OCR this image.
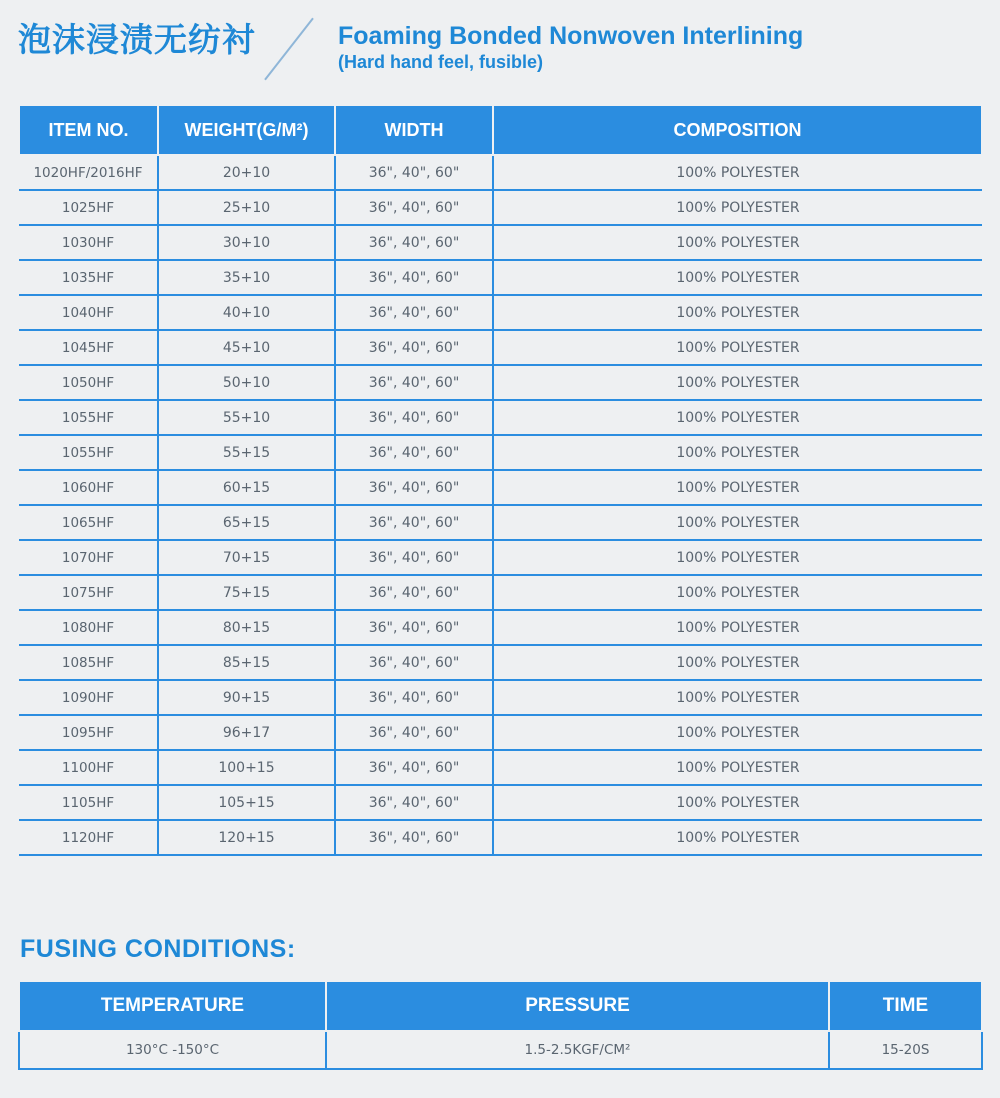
泡沫浸渍无纺衬	Foaming Bonded Nonwoven Interlining
(Hard hand feel, fusible)
ITEM NO.	WEIGHT(G/M²)	WIDTH	COMPOSITION
1020HF/2016HF	20+10	36", 40", 60"	100% POLYESTER
1025HF	25+10	36", 40", 60"	100% POLYESTER
1030HF	30+10	36", 40", 60"	100% POLYESTER
1035HF	35+10	36", 40", 60"	100% POLYESTER
1040HF	40+10	36", 40", 60"	100% POLYESTER
1045HF	45+10	36", 40", 60"	100% POLYESTER
1050HF	50+10	36", 40", 60"	100% POLYESTER
1055HF	55+10	36", 40", 60"	100% POLYESTER
1055HF	55+15	36", 40", 60"	100% POLYESTER
1060HF	60+15	36", 40", 60"	100% POLYESTER
1065HF	65+15	36", 40", 60"	100% POLYESTER
1070HF	70+15	36", 40", 60"	100% POLYESTER
1075HF	75+15	36", 40", 60"	100% POLYESTER
1080HF	80+15	36", 40", 60"	100% POLYESTER
1085HF	85+15	36", 40", 60"	100% POLYESTER
1090HF	90+15	36", 40", 60"	100% POLYESTER
1095HF	96+17	36", 40", 60"	100% POLYESTER
1100HF	100+15	36", 40", 60"	100% POLYESTER
1105HF	105+15	36", 40", 60"	100% POLYESTER
1120HF	120+15	36", 40", 60"	100% POLYESTER
FUSING CONDITIONS:
TEMPERATURE	PRESSURE	TIME
130°C -150°C	1.5-2.5KGF/CM²	15-20S
